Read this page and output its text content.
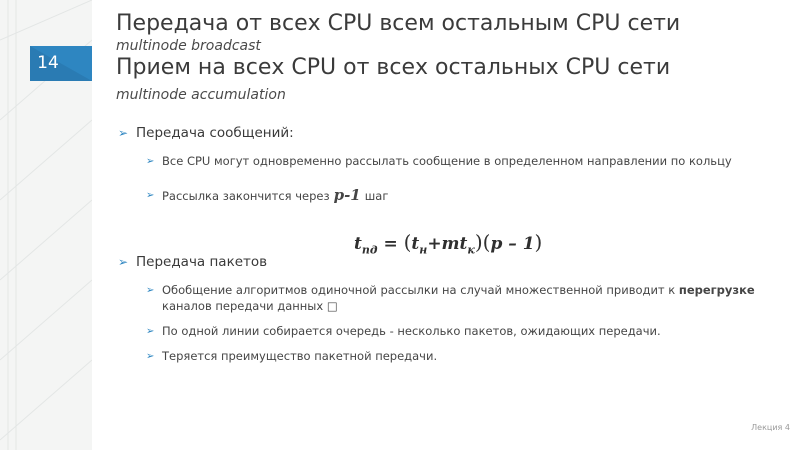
14
Передача от всех CPU всем остальным CPU сети
multinode broadcast
Прием на всех CPU от всех остальных CPU сети
multinode accumulation
➢ Передача сообщений:
➢ Все CPU могут одновременно рассылать сообщение в определенном направлении по кольцу
➢ Рассылка закончится через p-1 шаг
➢ Передача пакетов
➢ Обобщение алгоритмов одиночной рассылки на случай множественной приводит к перегрузке каналов передачи данных □
➢ По одной линии собирается очередь - несколько пакетов, ожидающих передачи.
➢ Теряется преимущество пакетной передачи.
$t_{пд} = (t_н+mt_к)(p - 1)$
Лекция 4
